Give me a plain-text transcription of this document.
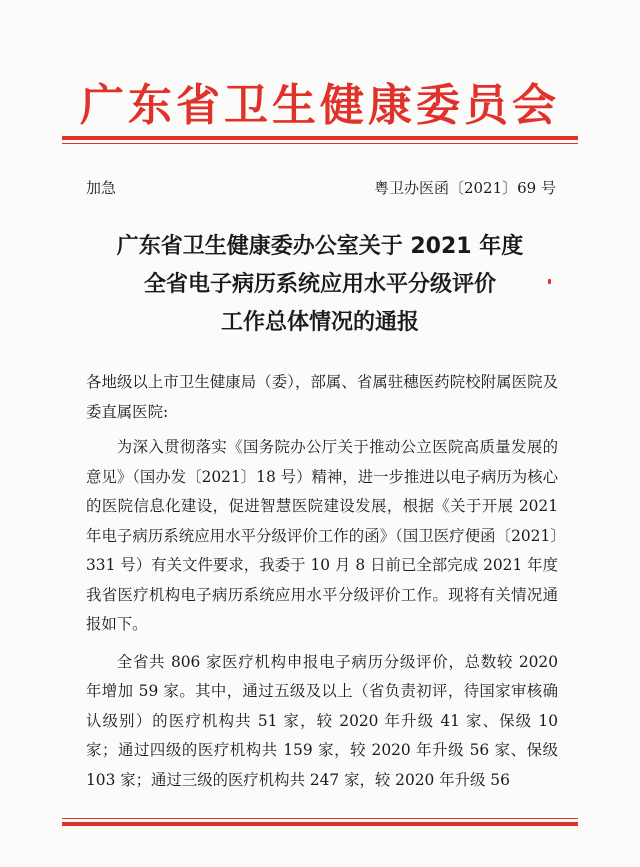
广东省卫生健康委员会
加急	粤卫办医函〔2021〕69 号
广东省卫生健康委办公室关于 2021 年度
全省电子病历系统应用水平分级评价
工作总体情况的通报

各地级以上市卫生健康局（委），部属、省属驻穗医药院校附属医院及委直属医院:

为深入贯彻落实《国务院办公厅关于推动公立医院高质量发展的意见》（国办发〔2021〕18 号）精神，进一步推进以电子病历为核心的医院信息化建设，促进智慧医院建设发展，根据《关于开展 2021 年电子病历系统应用水平分级评价工作的函》（国卫医疗便函〔2021〕331 号）有关文件要求，我委于 10 月 8 日前已全部完成 2021 年度我省医疗机构电子病历系统应用水平分级评价工作。现将有关情况通报如下。

全省共 806 家医疗机构申报电子病历分级评价，总数较 2020 年增加 59 家。其中，通过五级及以上（省负责初评，待国家审核确认级别）的医疗机构共 51 家，较 2020 年升级 41 家、保级 10 家；通过四级的医疗机构共 159 家，较 2020 年升级 56 家、保级 103 家；通过三级的医疗机构共 247 家，较 2020 年升级 56
